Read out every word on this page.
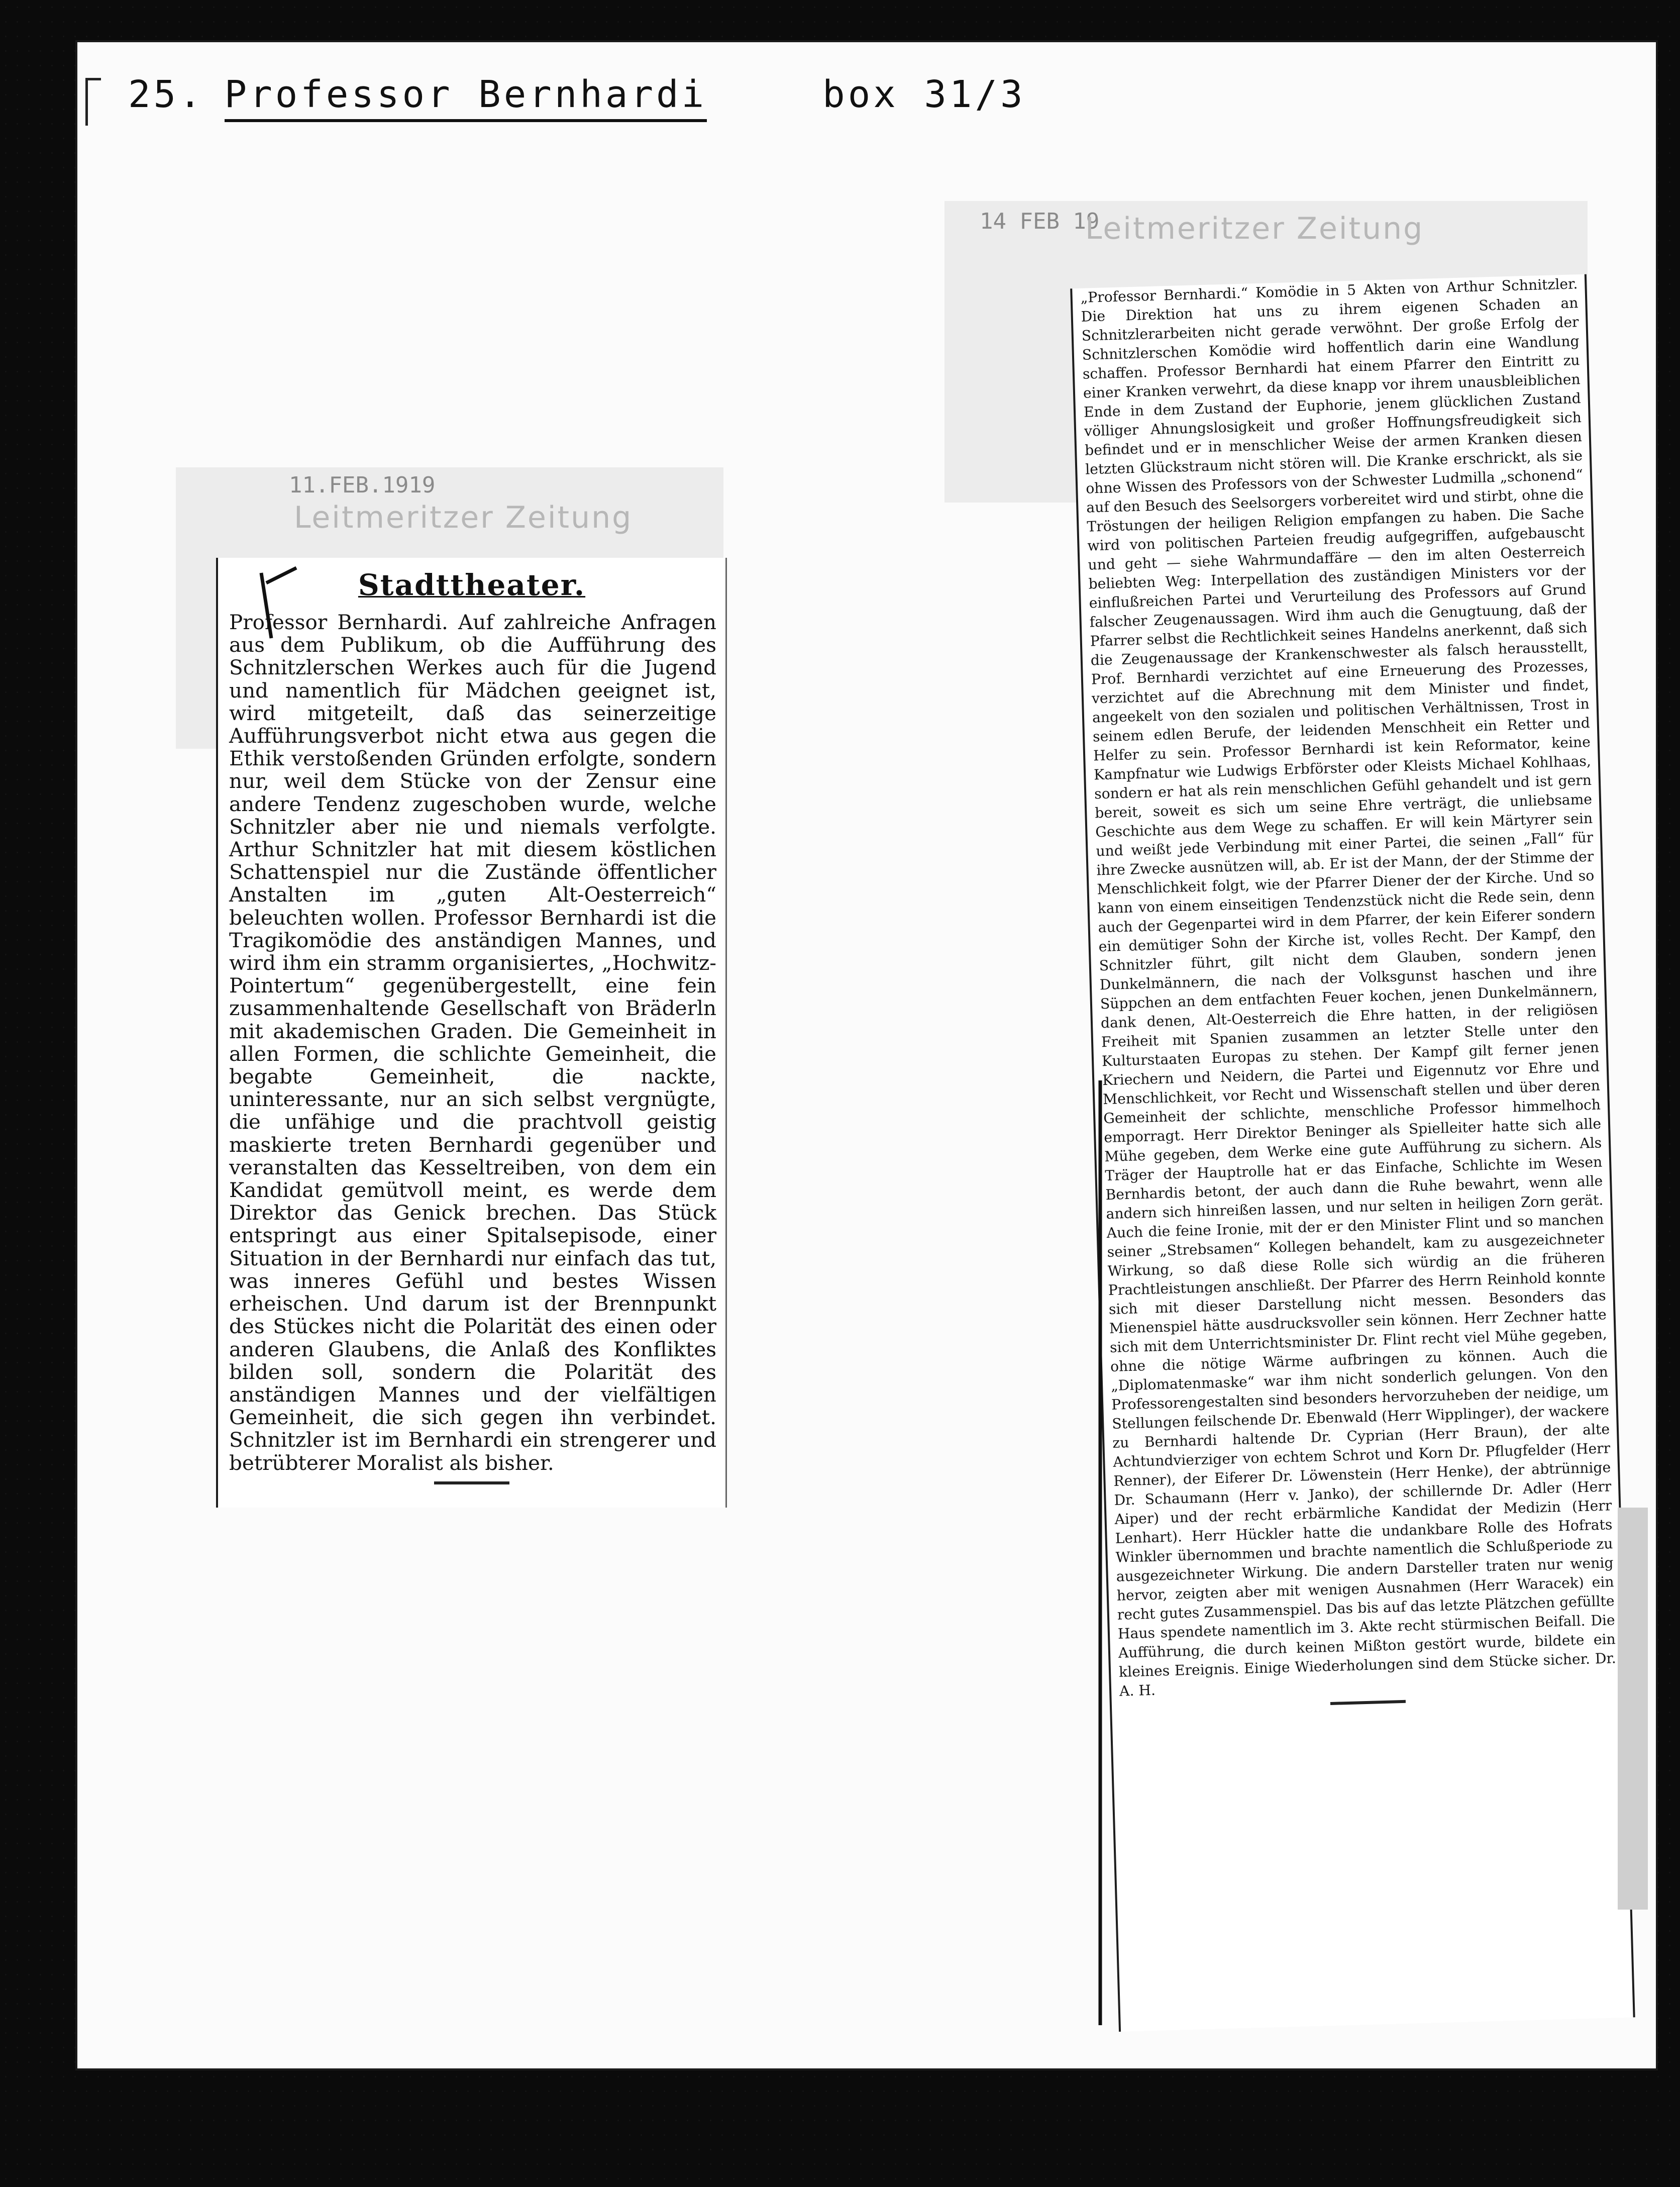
25. Professor Bernhardi	box 31/3
11.FEB.1919
Leitmeritzer Zeitung
Stadttheater.
Professor Bernhardi. Auf zahlreiche Anfragen aus dem Publikum, ob die Aufführung des Schnitzlerschen Werkes auch für die Jugend und namentlich für Mädchen geeignet ist, wird mitgeteilt, daß das seinerzeitige Aufführungsverbot nicht etwa aus gegen die Ethik verstoßenden Gründen erfolgte, sondern nur, weil dem Stücke von der Zensur eine andere Tendenz zugeschoben wurde, welche Schnitzler aber nie und niemals verfolgte. Arthur Schnitzler hat mit diesem köstlichen Schattenspiel nur die Zustände öffentlicher Anstalten im „guten Alt-Oesterreich“ beleuchten wollen. Professor Bernhardi ist die Tragikomödie des anständigen Mannes, und wird ihm ein stramm organisiertes, „Hochwitz-Pointertum“ gegenübergestellt, eine fein zusammenhaltende Gesellschaft von Bräderln mit akademischen Graden. Die Gemeinheit in allen Formen, die schlichte Gemeinheit, die begabte Gemeinheit, die nackte, uninteressante, nur an sich selbst vergnügte, die unfähige und die prachtvoll geistig maskierte treten Bernhardi gegenüber und veranstalten das Kesseltreiben, von dem ein Kandidat gemütvoll meint, es werde dem Direktor das Genick brechen. Das Stück entspringt aus einer Spitalsepisode, einer Situation in der Bernhardi nur einfach das tut, was inneres Gefühl und bestes Wissen erheischen. Und darum ist der Brennpunkt des Stückes nicht die Polarität des einen oder anderen Glaubens, die Anlaß des Konfliktes bilden soll, sondern die Polarität des anständigen Mannes und der vielfältigen Gemeinheit, die sich gegen ihn verbindet. Schnitzler ist im Bernhardi ein strengerer und betrübterer Moralist als bisher.
14 FEB 19
Leitmeritzer Zeitung
„Professor Bernhardi.“ Komödie in 5 Akten von Arthur Schnitzler. Die Direktion hat uns zu ihrem eigenen Schaden an Schnitzlerarbeiten nicht gerade verwöhnt. Der große Erfolg der Schnitzlerschen Komödie wird hoffentlich darin eine Wandlung schaffen. Professor Bernhardi hat einem Pfarrer den Eintritt zu einer Kranken verwehrt, da diese knapp vor ihrem unausbleiblichen Ende in dem Zustand der Euphorie, jenem glücklichen Zustand völliger Ahnungslosigkeit und großer Hoffnungsfreudigkeit sich befindet und er in menschlicher Weise der armen Kranken diesen letzten Glückstraum nicht stören will. Die Kranke erschrickt, als sie ohne Wissen des Professors von der Schwester Ludmilla „schonend“ auf den Besuch des Seelsorgers vorbereitet wird und stirbt, ohne die Tröstungen der heiligen Religion empfangen zu haben. Die Sache wird von politischen Parteien freudig aufgegriffen, aufgebauscht und geht — siehe Wahrmundaffäre — den im alten Oesterreich beliebten Weg: Interpellation des zuständigen Ministers vor der einflußreichen Partei und Verurteilung des Professors auf Grund falscher Zeugenaussagen. Wird ihm auch die Genugtuung, daß der Pfarrer selbst die Rechtlichkeit seines Handelns anerkennt, daß sich die Zeugenaussage der Krankenschwester als falsch herausstellt, Prof. Bernhardi verzichtet auf eine Erneuerung des Prozesses, verzichtet auf die Abrechnung mit dem Minister und findet, angeekelt von den sozialen und politischen Verhältnissen, Trost in seinem edlen Berufe, der leidenden Menschheit ein Retter und Helfer zu sein. Professor Bernhardi ist kein Reformator, keine Kampfnatur wie Ludwigs Erbförster oder Kleists Michael Kohlhaas, sondern er hat als rein menschlichen Gefühl gehandelt und ist gern bereit, soweit es sich um seine Ehre verträgt, die unliebsame Geschichte aus dem Wege zu schaffen. Er will kein Märtyrer sein und weißt jede Verbindung mit einer Partei, die seinen „Fall“ für ihre Zwecke ausnützen will, ab. Er ist der Mann, der der Stimme der Menschlichkeit folgt, wie der Pfarrer Diener der der Kirche. Und so kann von einem einseitigen Tendenzstück nicht die Rede sein, denn auch der Gegenpartei wird in dem Pfarrer, der kein Eiferer sondern ein demütiger Sohn der Kirche ist, volles Recht. Der Kampf, den Schnitzler führt, gilt nicht dem Glauben, sondern jenen Dunkelmännern, die nach der Volksgunst haschen und ihre Süppchen an dem entfachten Feuer kochen, jenen Dunkelmännern, dank denen, Alt-Oesterreich die Ehre hatten, in der religiösen Freiheit mit Spanien zusammen an letzter Stelle unter den Kulturstaaten Europas zu stehen. Der Kampf gilt ferner jenen Kriechern und Neidern, die Partei und Eigennutz vor Ehre und Menschlichkeit, vor Recht und Wissenschaft stellen und über deren Gemeinheit der schlichte, menschliche Professor himmelhoch emporragt. Herr Direktor Beninger als Spielleiter hatte sich alle Mühe gegeben, dem Werke eine gute Aufführung zu sichern. Als Träger der Hauptrolle hat er das Einfache, Schlichte im Wesen Bernhardis betont, der auch dann die Ruhe bewahrt, wenn alle andern sich hinreißen lassen, und nur selten in heiligen Zorn gerät. Auch die feine Ironie, mit der er den Minister Flint und so manchen seiner „Strebsamen“ Kollegen behandelt, kam zu ausgezeichneter Wirkung, so daß diese Rolle sich würdig an die früheren Prachtleistungen anschließt. Der Pfarrer des Herrn Reinhold konnte sich mit dieser Darstellung nicht messen. Besonders das Mienenspiel hätte ausdrucksvoller sein können. Herr Zechner hatte sich mit dem Unterrichtsminister Dr. Flint recht viel Mühe gegeben, ohne die nötige Wärme aufbringen zu können. Auch die „Diplomatenmaske“ war ihm nicht sonderlich gelungen. Von den Professorengestalten sind besonders hervorzuheben der neidige, um Stellungen feilschende Dr. Ebenwald (Herr Wipplinger), der wackere zu Bernhardi haltende Dr. Cyprian (Herr Braun), der alte Achtundvierziger von echtem Schrot und Korn Dr. Pflugfelder (Herr Renner), der Eiferer Dr. Löwenstein (Herr Henke), der abtrünnige Dr. Schaumann (Herr v. Janko), der schillernde Dr. Adler (Herr Aiper) und der recht erbärmliche Kandidat der Medizin (Herr Lenhart). Herr Hückler hatte die undankbare Rolle des Hofrats Winkler übernommen und brachte namentlich die Schlußperiode zu ausgezeichneter Wirkung. Die andern Darsteller traten nur wenig hervor, zeigten aber mit wenigen Ausnahmen (Herr Waracek) ein recht gutes Zusammenspiel. Das bis auf das letzte Plätzchen gefüllte Haus spendete namentlich im 3. Akte recht stürmischen Beifall. Die Aufführung, die durch keinen Mißton gestört wurde, bildete ein kleines Ereignis. Einige Wiederholungen sind dem Stücke sicher. Dr. A. H.
